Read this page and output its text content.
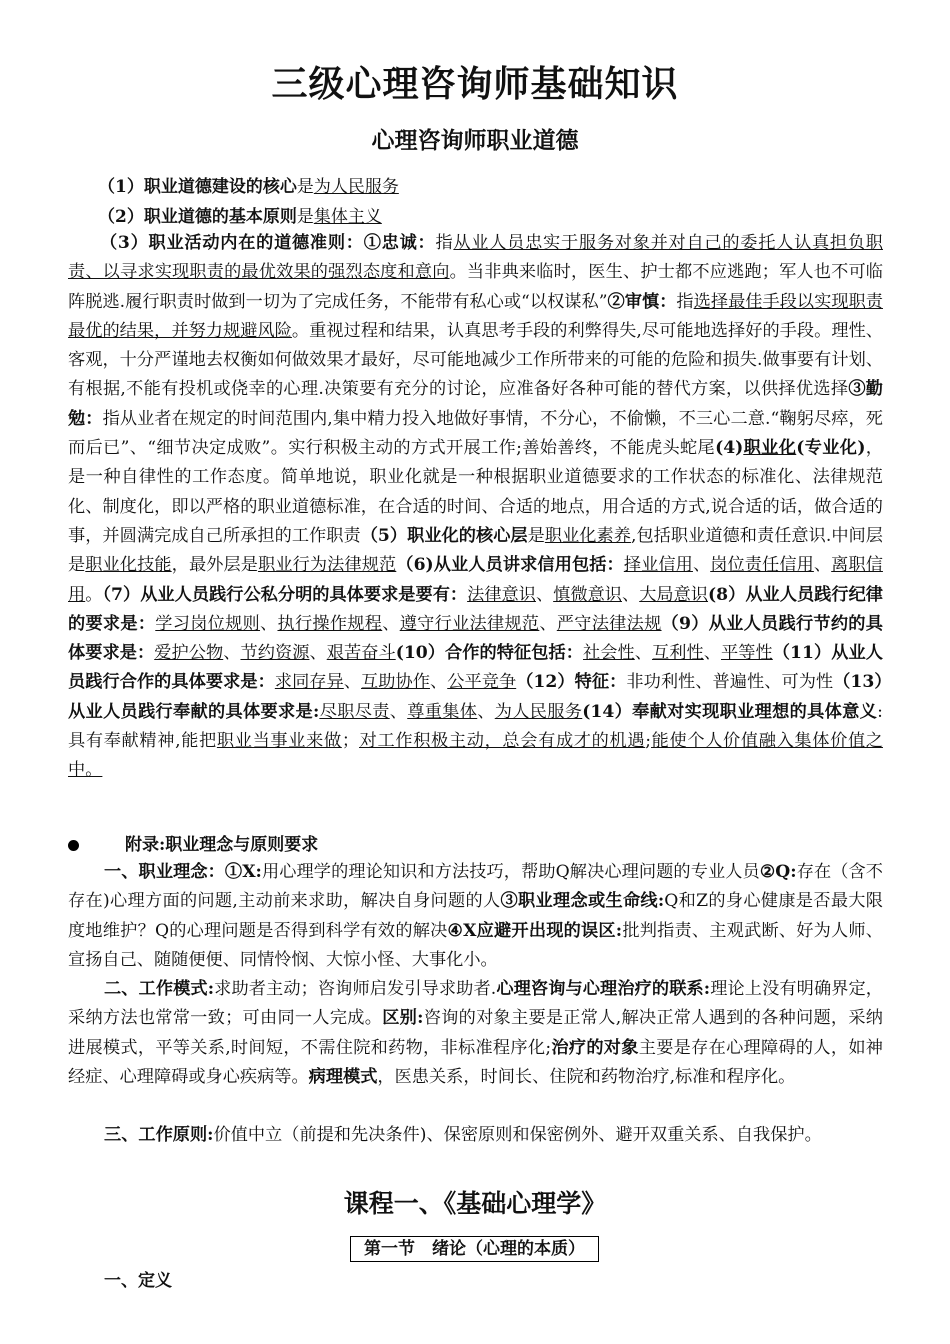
三级心理咨询师基础知识
心理咨询师职业道德
（1）职业道德建设的核心是为人民服务
（2）职业道德的基本原则是集体主义
（3）职业活动内在的道德准则：①忠诚：指从业人员忠实于服务对象并对自己的委托人认真担负职责、以寻求实现职责的最优效果的强烈态度和意向。当非典来临时，医生、护士都不应逃跑；军人也不可临阵脱逃.履行职责时做到一切为了完成任务，不能带有私心或“以权谋私”②审慎：指选择最佳手段以实现职责最优的结果，并努力规避风险。重视过程和结果，认真思考手段的利弊得失,尽可能地选择好的手段。理性、客观，十分严谨地去权衡如何做效果才最好，尽可能地减少工作所带来的可能的危险和损失.做事要有计划、有根据,不能有投机或侥幸的心理.决策要有充分的讨论，应准备好各种可能的替代方案，以供择优选择③勤勉：指从业者在规定的时间范围内,集中精力投入地做好事情，不分心，不偷懒，不三心二意.“鞠躬尽瘁，死而后已”、“细节决定成败”。实行积极主动的方式开展工作;善始善终，不能虎头蛇尾(4)职业化(专业化)，是一种自律性的工作态度。简单地说，职业化就是一种根据职业道德要求的工作状态的标准化、法律规范化、制度化，即以严格的职业道德标准，在合适的时间、合适的地点，用合适的方式,说合适的话，做合适的事，并圆满完成自己所承担的工作职责（5）职业化的核心层是职业化素养,包括职业道德和责任意识.中间层是职业化技能，最外层是职业行为法律规范（6)从业人员讲求信用包括：择业信用、岗位责任信用、离职信用。（7）从业人员践行公私分明的具体要求是要有：法律意识、慎微意识、大局意识(8）从业人员践行纪律的要求是：学习岗位规则、执行操作规程、遵守行业法律规范、严守法律法规（9）从业人员践行节约的具体要求是：爱护公物、节约资源、艰苦奋斗(10）合作的特征包括：社会性、互利性、平等性（11）从业人员践行合作的具体要求是：求同存异、互助协作、公平竞争（12）特征：非功利性、普遍性、可为性（13）从业人员践行奉献的具体要求是:尽职尽责、尊重集体、为人民服务(14）奉献对实现职业理想的具体意义:具有奉献精神,能把职业当事业来做；对工作积极主动，总会有成才的机遇;能使个人价值融入集体价值之中。
附录:职业理念与原则要求
一、职业理念：①X:用心理学的理论知识和方法技巧，帮助Q解决心理问题的专业人员②Q:存在（含不存在)心理方面的问题,主动前来求助，解决自身问题的人③职业理念或生命线:Q和Z的身心健康是否最大限度地维护？Q的心理问题是否得到科学有效的解决④X应避开出现的误区:批判指责、主观武断、好为人师、宣扬自己、随随便便、同情怜悯、大惊小怪、大事化小。
二、工作模式:求助者主动；咨询师启发引导求助者.心理咨询与心理治疗的联系:理论上没有明确界定，采纳方法也常常一致；可由同一人完成。区别:咨询的对象主要是正常人,解决正常人遇到的各种问题，采纳进展模式，平等关系,时间短，不需住院和药物，非标准程序化;治疗的对象主要是存在心理障碍的人，如神经症、心理障碍或身心疾病等。病理模式，医患关系，时间长、住院和药物治疗,标准和程序化。
三、工作原则:价值中立（前提和先决条件)、保密原则和保密例外、避开双重关系、自我保护。
课程一、《基础心理学》
第一节　绪论（心理的本质）
一、定义
